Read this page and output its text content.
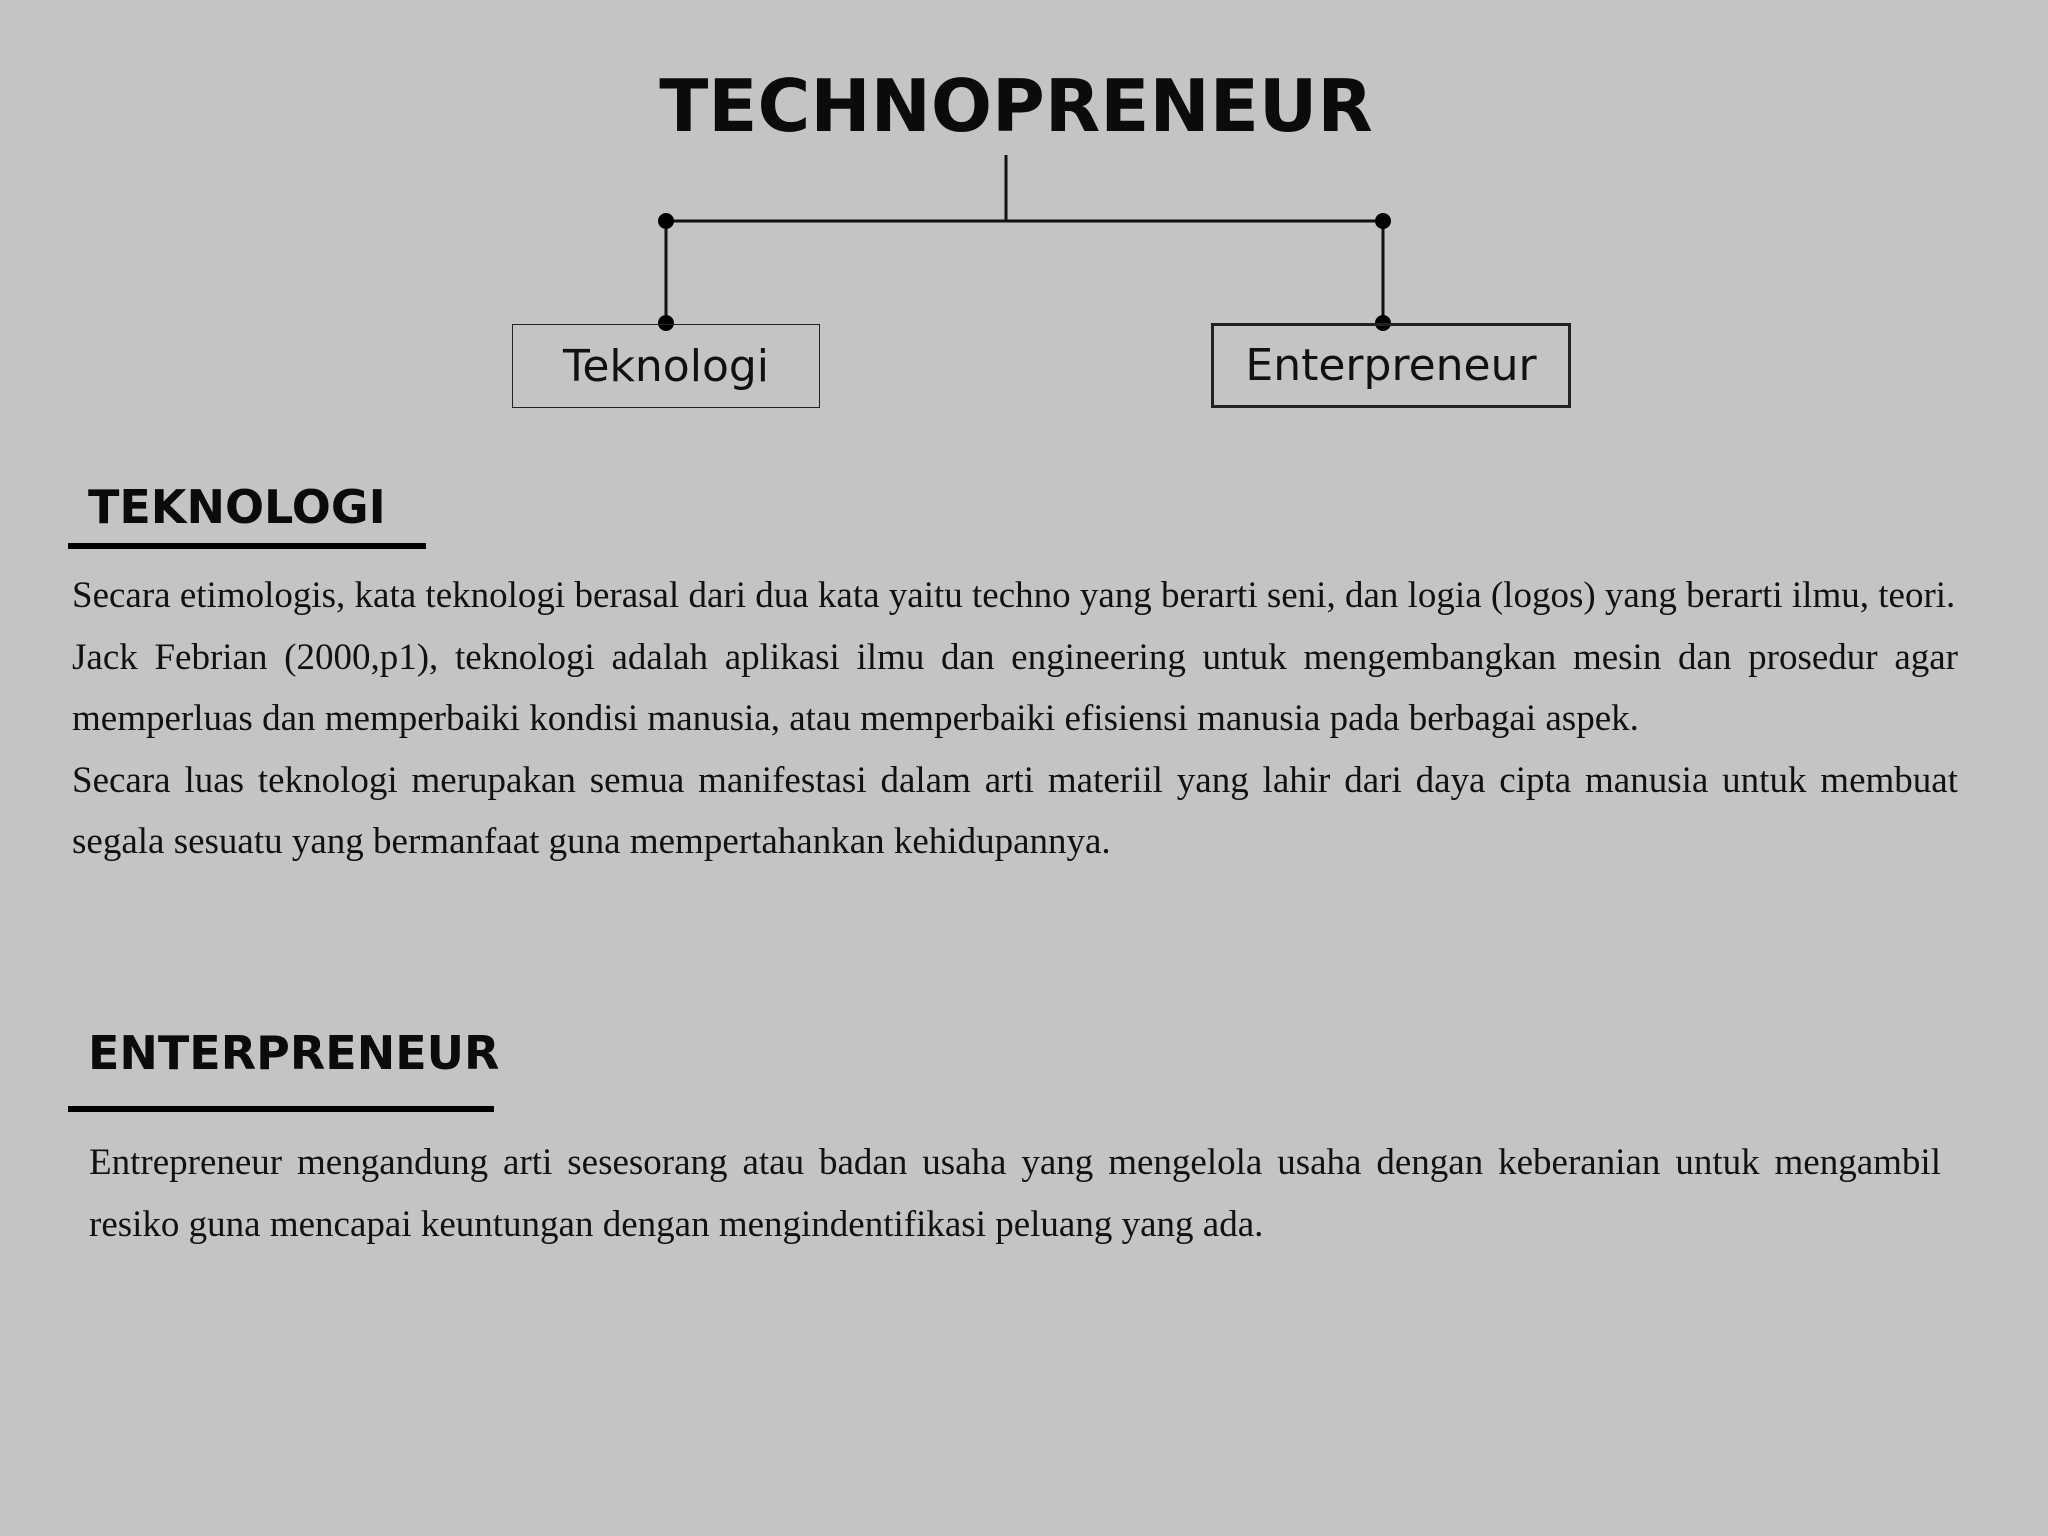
TECHNOPRENEUR
Teknologi	Enterpreneur
TEKNOLOGI

Secara etimologis, kata teknologi berasal dari dua kata yaitu techno yang berarti seni, dan logia (logos) yang berarti ilmu, teori.

Jack Febrian (2000,p1), teknologi adalah aplikasi ilmu dan engineering untuk mengembangkan mesin dan prosedur agar memperluas dan memperbaiki kondisi manusia, atau memperbaiki efisiensi manusia pada berbagai aspek.

Secara luas teknologi merupakan semua manifestasi dalam arti materiil yang lahir dari daya cipta manusia untuk membuat segala sesuatu yang bermanfaat guna mempertahankan kehidupannya.

ENTERPRENEUR

Entrepreneur mengandung arti sesesorang atau badan usaha yang mengelola usaha dengan keberanian untuk mengambil resiko guna mencapai keuntungan dengan mengindentifikasi peluang yang ada.
